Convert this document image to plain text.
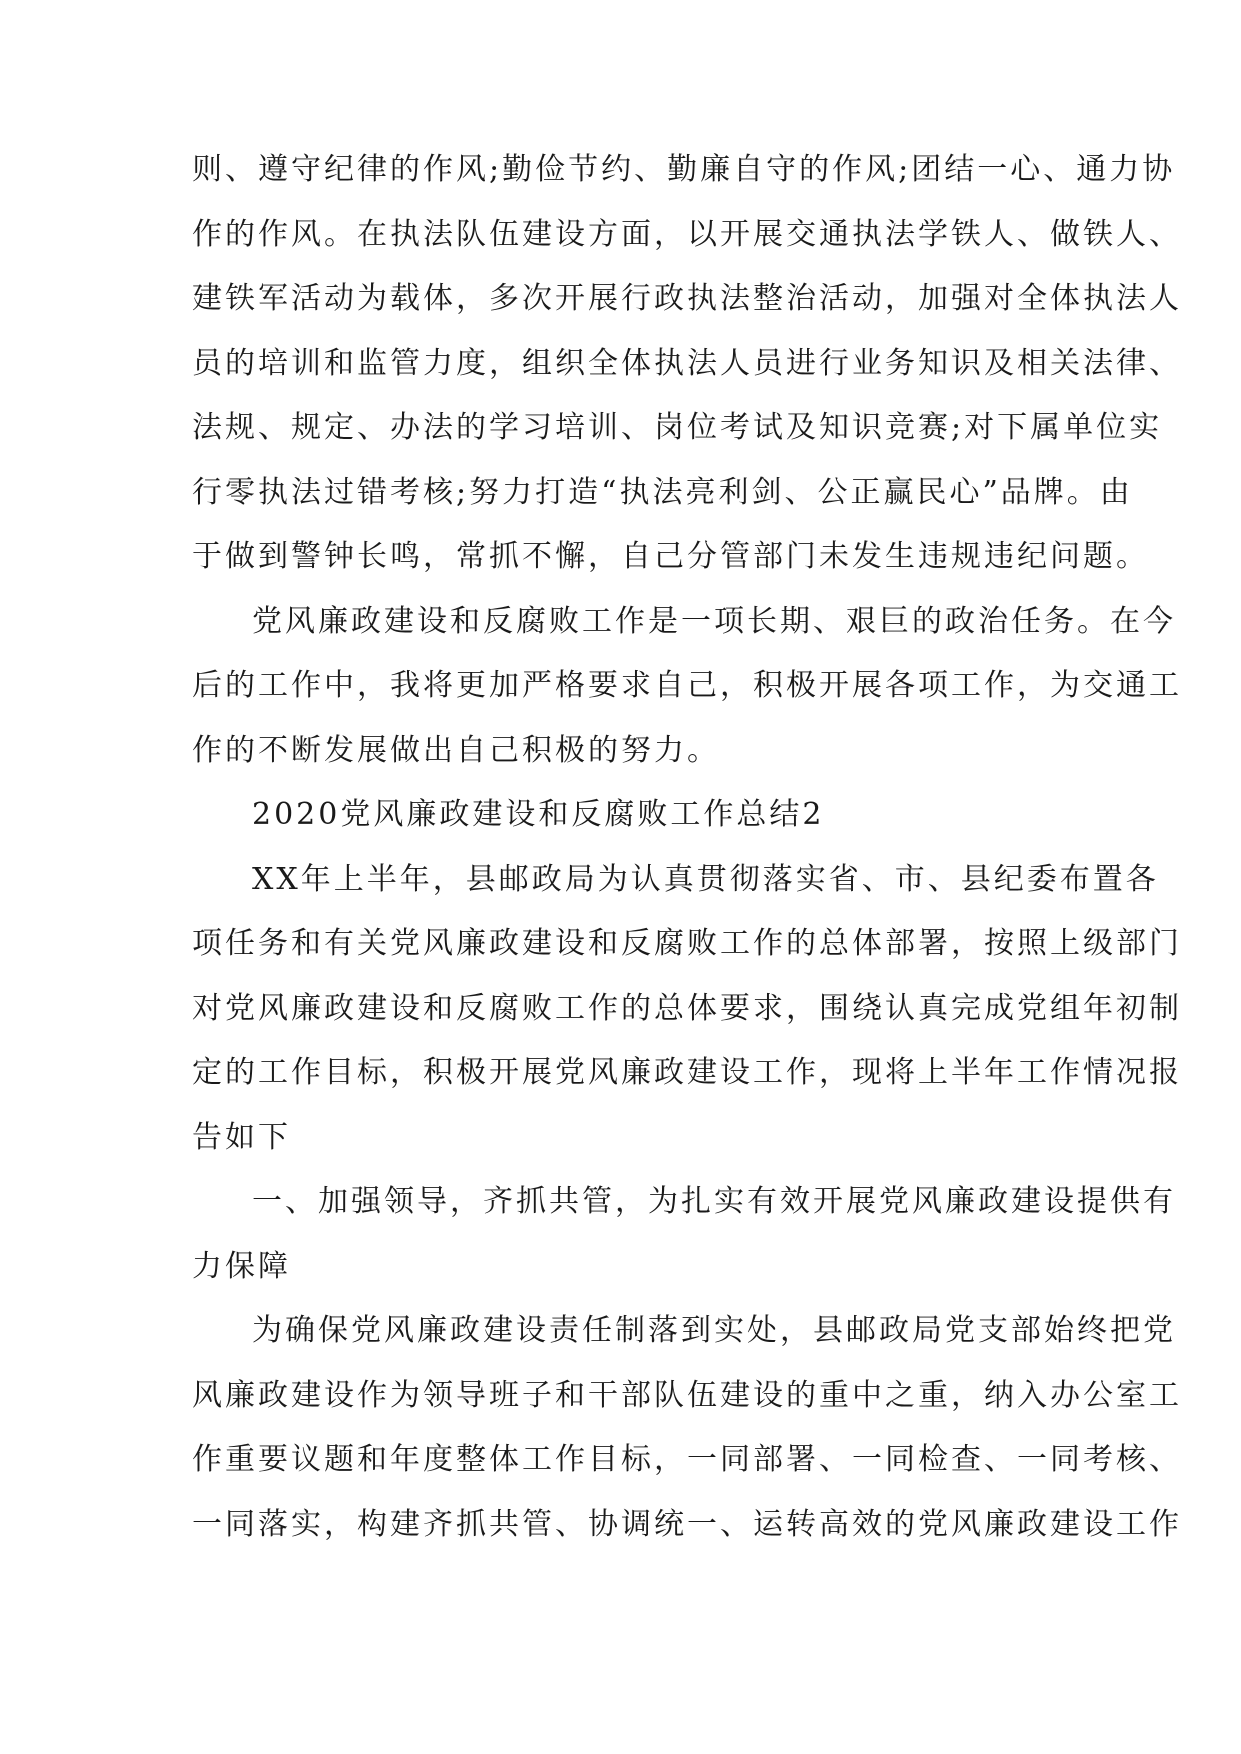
则、遵守纪律的作风;勤俭节约、勤廉自守的作风;团结一心、通力协
作的作风。在执法队伍建设方面，以开展交通执法学铁人、做铁人、
建铁军活动为载体，多次开展行政执法整治活动，加强对全体执法人
员的培训和监管力度，组织全体执法人员进行业务知识及相关法律、
法规、规定、办法的学习培训、岗位考试及知识竞赛;对下属单位实
行零执法过错考核;努力打造“执法亮利剑、公正赢民心”品牌。由
于做到警钟长鸣，常抓不懈，自己分管部门未发生违规违纪问题。
党风廉政建设和反腐败工作是一项长期、艰巨的政治任务。在今
后的工作中，我将更加严格要求自己，积极开展各项工作，为交通工
作的不断发展做出自己积极的努力。
2020党风廉政建设和反腐败工作总结2
XX年上半年，县邮政局为认真贯彻落实省、市、县纪委布置各
项任务和有关党风廉政建设和反腐败工作的总体部署，按照上级部门
对党风廉政建设和反腐败工作的总体要求，围绕认真完成党组年初制
定的工作目标，积极开展党风廉政建设工作，现将上半年工作情况报
告如下
一、加强领导，齐抓共管，为扎实有效开展党风廉政建设提供有
力保障
为确保党风廉政建设责任制落到实处，县邮政局党支部始终把党
风廉政建设作为领导班子和干部队伍建设的重中之重，纳入办公室工
作重要议题和年度整体工作目标，一同部署、一同检查、一同考核、
一同落实，构建齐抓共管、协调统一、运转高效的党风廉政建设工作
